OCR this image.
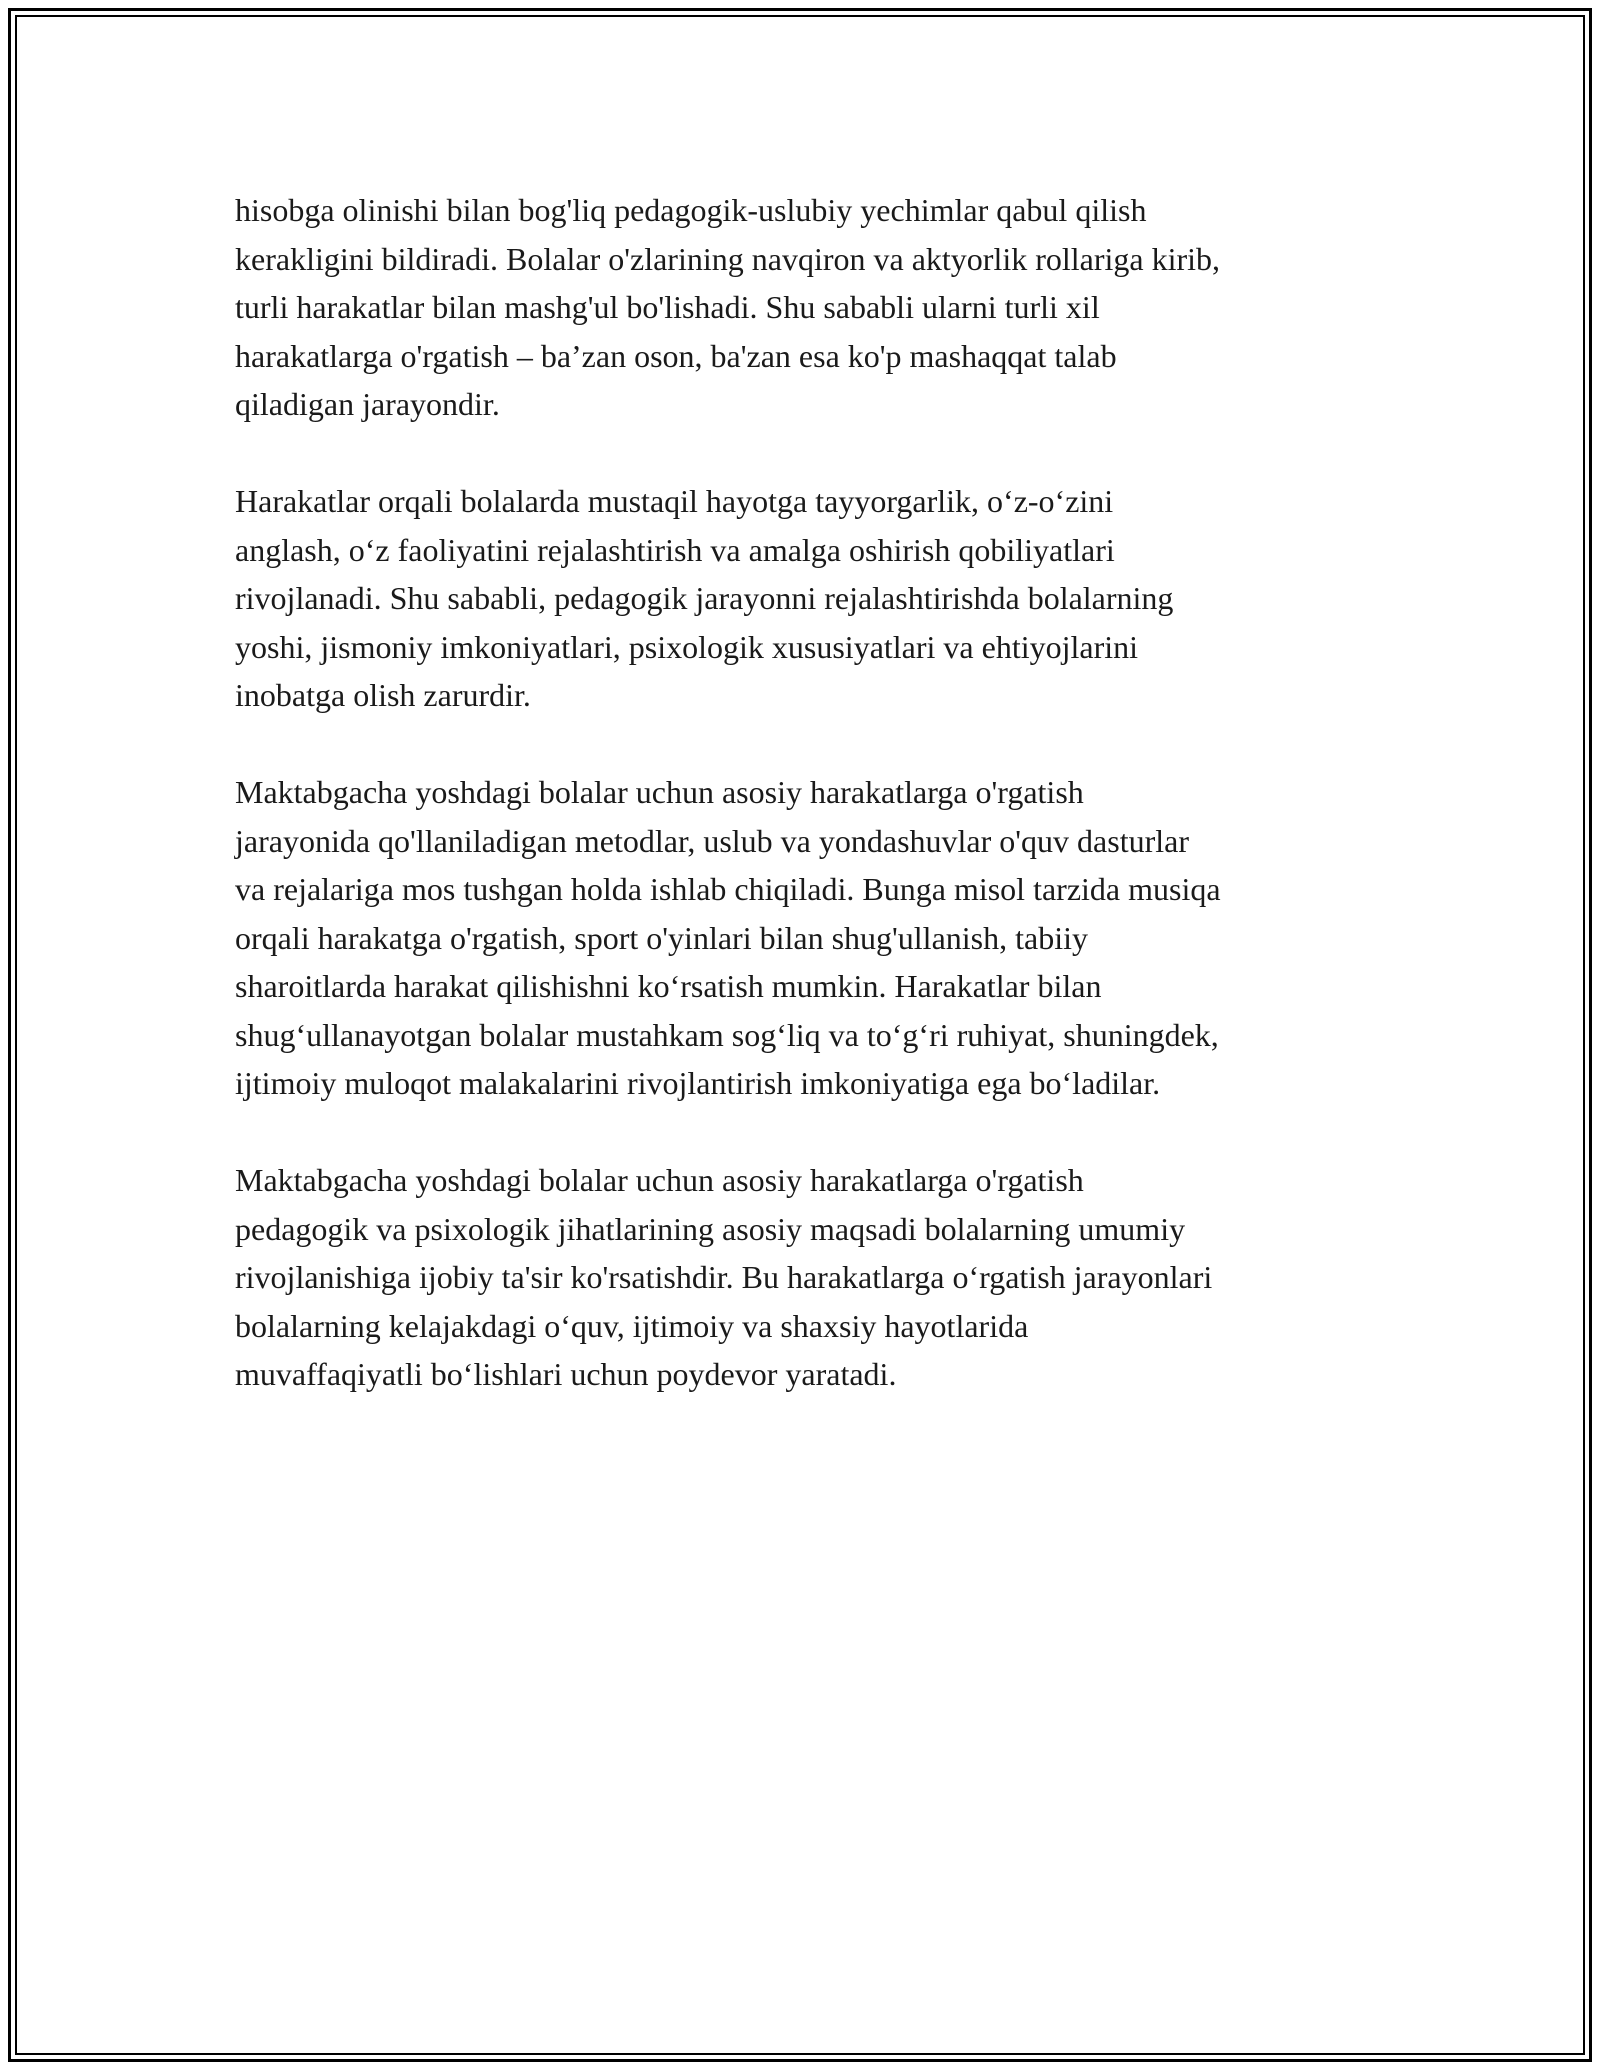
hisobga olinishi bilan bog'liq pedagogik-uslubiy yechimlar qabul qilish
kerakligini bildiradi. Bolalar o'zlarining navqiron va aktyorlik rollariga kirib,
turli harakatlar bilan mashg'ul bo'lishadi. Shu sababli ularni turli xil
harakatlarga o'rgatish – ba’zan oson, ba'zan esa ko'p mashaqqat talab
qiladigan jarayondir.

Harakatlar orqali bolalarda mustaqil hayotga tayyorgarlik, o‘z-o‘zini
anglash, o‘z faoliyatini rejalashtirish va amalga oshirish qobiliyatlari
rivojlanadi. Shu sababli, pedagogik jarayonni rejalashtirishda bolalarning
yoshi, jismoniy imkoniyatlari, psixologik xususiyatlari va ehtiyojlarini
inobatga olish zarurdir.

Maktabgacha yoshdagi bolalar uchun asosiy harakatlarga o'rgatish
jarayonida qo'llaniladigan metodlar, uslub va yondashuvlar o'quv dasturlar
va rejalariga mos tushgan holda ishlab chiqiladi. Bunga misol tarzida musiqa
orqali harakatga o'rgatish, sport o'yinlari bilan shug'ullanish, tabiiy
sharoitlarda harakat qilishishni ko‘rsatish mumkin. Harakatlar bilan
shug‘ullanayotgan bolalar mustahkam sog‘liq va to‘g‘ri ruhiyat, shuningdek,
ijtimoiy muloqot malakalarini rivojlantirish imkoniyatiga ega bo‘ladilar.

Maktabgacha yoshdagi bolalar uchun asosiy harakatlarga o'rgatish
pedagogik va psixologik jihatlarining asosiy maqsadi bolalarning umumiy
rivojlanishiga ijobiy ta'sir ko'rsatishdir. Bu harakatlarga o‘rgatish jarayonlari
bolalarning kelajakdagi o‘quv, ijtimoiy va shaxsiy hayotlarida
muvaffaqiyatli bo‘lishlari uchun poydevor yaratadi.
